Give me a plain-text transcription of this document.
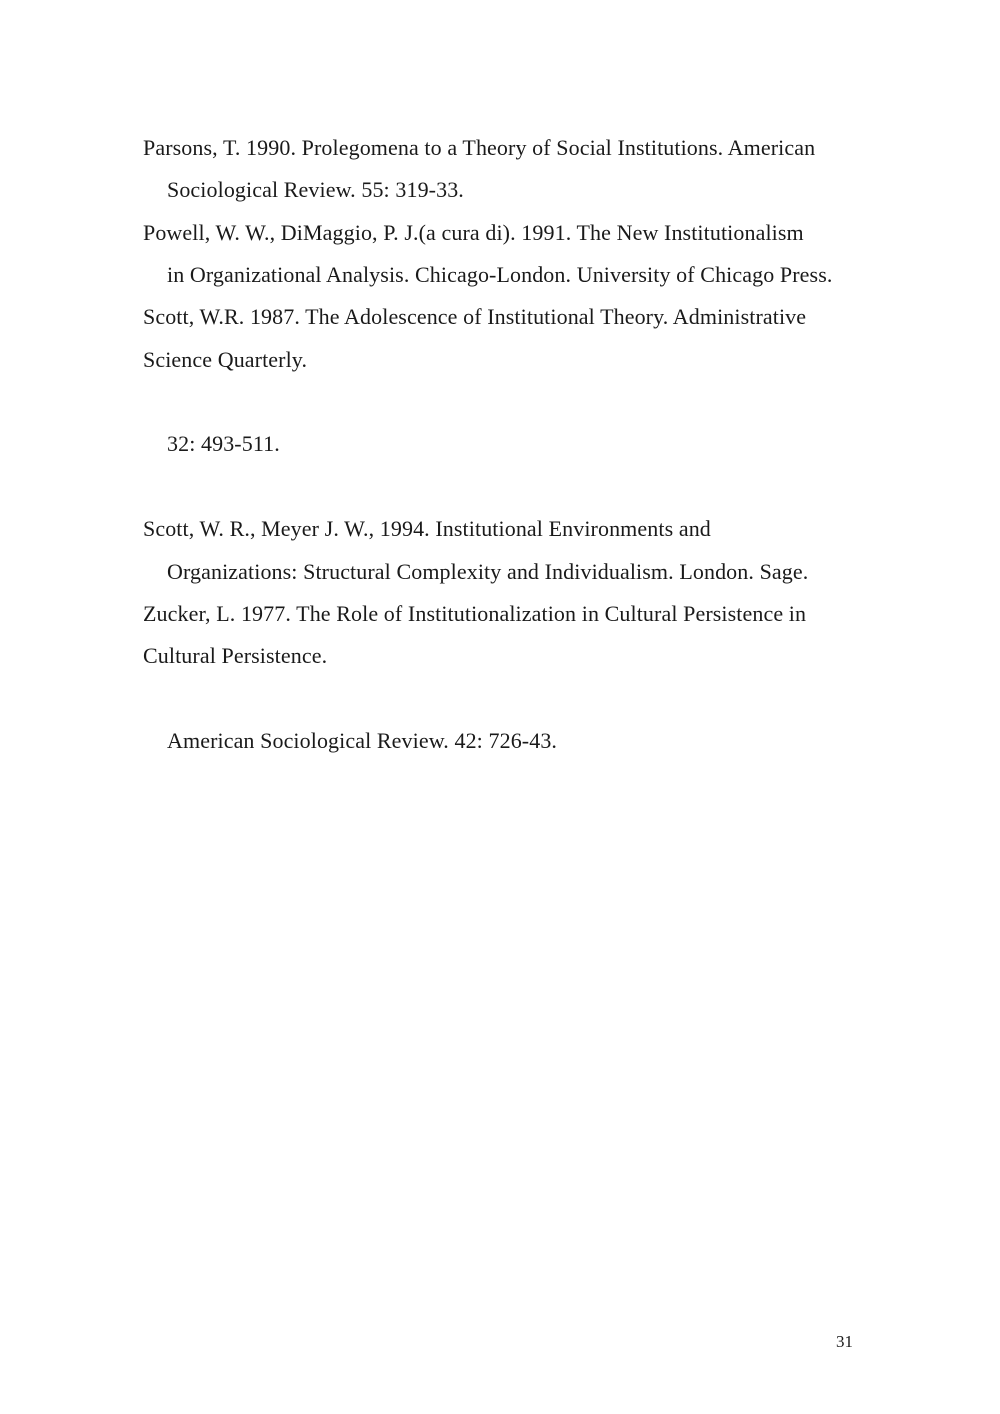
Parsons, T. 1990. Prolegomena to a Theory of Social Institutions. American
Sociological Review. 55: 319-33.
Powell, W. W., DiMaggio, P. J.(a cura di). 1991. The New Institutionalism
in Organizational Analysis. Chicago-London. University of Chicago Press.
Scott, W.R. 1987. The Adolescence of Institutional Theory. Administrative
Science Quarterly.
32: 493-511.
Scott, W. R., Meyer J. W., 1994. Institutional Environments and
Organizations: Structural Complexity and Individualism. London. Sage.
Zucker, L. 1977. The Role of Institutionalization in Cultural Persistence in
Cultural Persistence.
American Sociological Review. 42: 726-43.
31
